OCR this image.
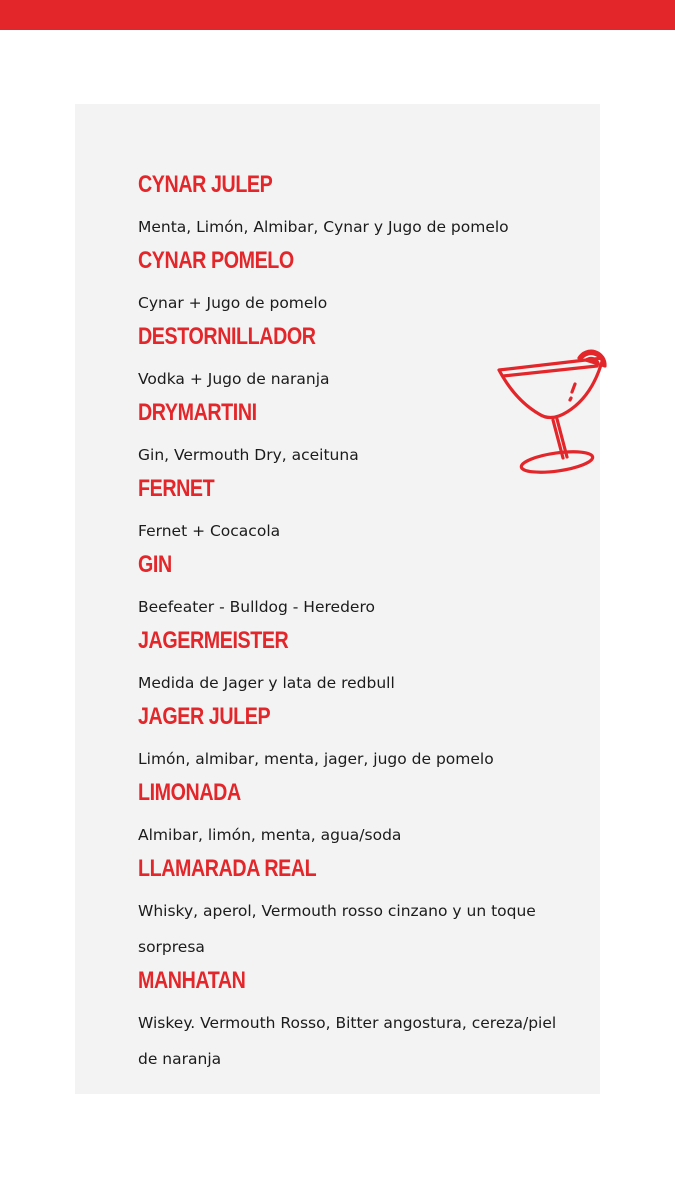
CYNAR JULEP
Menta, Limón, Almibar, Cynar y Jugo de pomelo
CYNAR POMELO
Cynar + Jugo de pomelo
DESTORNILLADOR
Vodka + Jugo de naranja
DRYMARTINI
Gin, Vermouth Dry, aceituna
FERNET
Fernet + Cocacola
GIN
Beefeater - Bulldog - Heredero
JAGERMEISTER
Medida de Jager y lata de redbull
JAGER JULEP
Limón, almibar, menta, jager, jugo de pomelo
LIMONADA
Almibar, limón, menta, agua/soda
LLAMARADA REAL
Whisky, aperol, Vermouth rosso cinzano y un toque sorpresa
MANHATAN
Wiskey. Vermouth Rosso, Bitter angostura, cereza/piel de naranja
